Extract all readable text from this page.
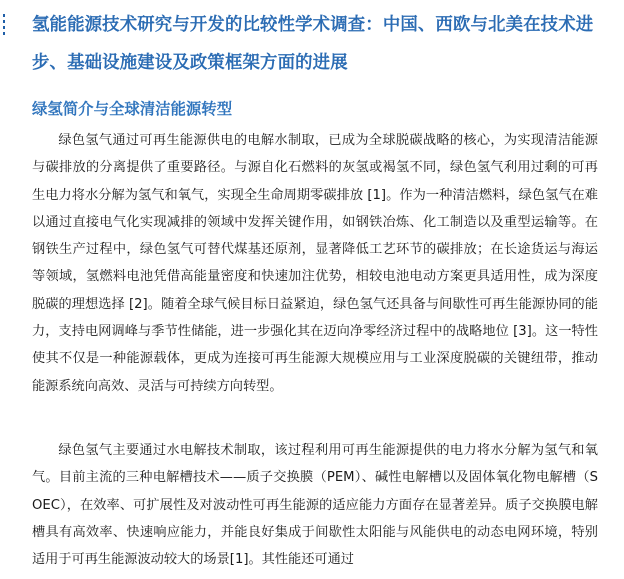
氢能能源技术研究与开发的比较性学术调查：中国、西欧与北美在技术进步、基础设施建设及政策框架方面的进展
绿氢简介与全球清洁能源转型

绿色氢气通过可再生能源供电的电解水制取，已成为全球脱碳战略的核心，为实现清洁能源与碳排放的分离提供了重要路径。与源自化石燃料的灰氢或褐氢不同，绿色氢气利用过剩的可再生电力将水分解为氢气和氧气，实现全生命周期零碳排放 [1]。作为一种清洁燃料，绿色氢气在难以通过直接电气化实现减排的领域中发挥关键作用，如钢铁冶炼、化工制造以及重型运输等。在钢铁生产过程中，绿色氢气可替代煤基还原剂，显著降低工艺环节的碳排放；在长途货运与海运等领域，氢燃料电池凭借高能量密度和快速加注优势，相较电池电动方案更具适用性，成为深度脱碳的理想选择 [2]。随着全球气候目标日益紧迫，绿色氢气还具备与间歇性可再生能源协同的能力，支持电网调峰与季节性储能，进一步强化其在迈向净零经济过程中的战略地位 [3]。这一特性使其不仅是一种能源载体，更成为连接可再生能源大规模应用与工业深度脱碳的关键纽带，推动能源系统向高效、灵活与可持续方向转型。

绿色氢气主要通过水电解技术制取，该过程利用可再生能源提供的电力将水分解为氢气和氧气。目前主流的三种电解槽技术——质子交换膜（PEM）、碱性电解槽以及固体氧化物电解槽（SOEC），在效率、可扩展性及对波动性可再生能源的适应能力方面存在显著差异。质子交换膜电解槽具有高效率、快速响应能力，并能良好集成于间歇性太阳能与风能供电的动态电网环境，特别适用于可再生能源波动较大的场景[1]。其性能还可通过
